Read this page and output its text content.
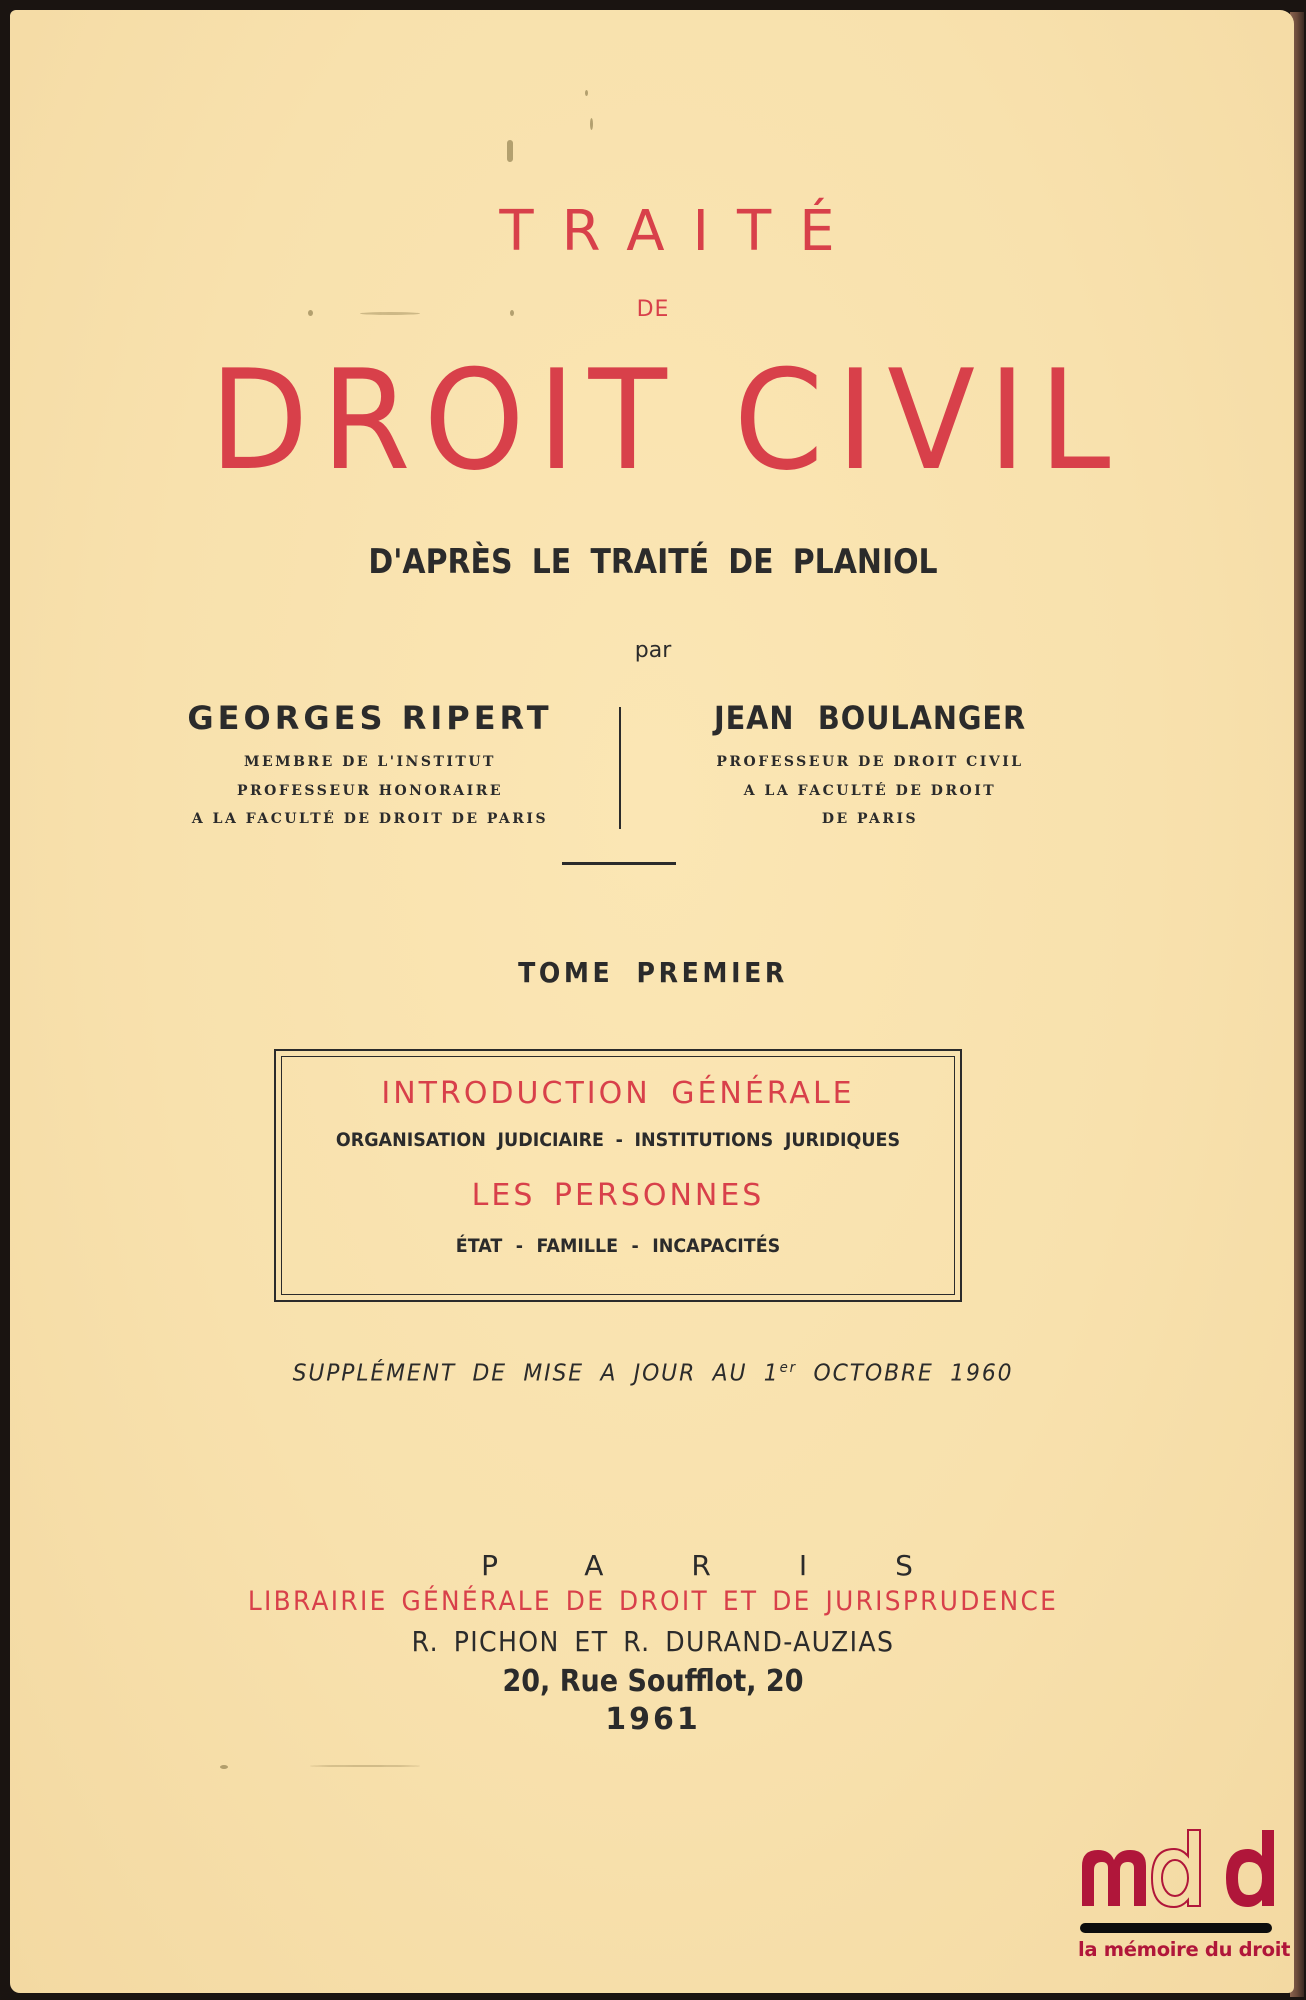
TRAITÉ
DE
DROIT CIVIL
D'APRÈS LE TRAITÉ DE PLANIOL
par
GEORGES RIPERT
MEMBRE DE L'INSTITUT
PROFESSEUR HONORAIRE
A LA FACULTÉ DE DROIT DE PARIS
JEAN BOULANGER
PROFESSEUR DE DROIT CIVIL
A LA FACULTÉ DE DROIT
DE PARIS
TOME PREMIER
INTRODUCTION GÉNÉRALE
ORGANISATION JUDICIAIRE - INSTITUTIONS JURIDIQUES
LES PERSONNES
ÉTAT - FAMILLE - INCAPACITÉS
SUPPLÉMENT DE MISE A JOUR AU 1er OCTOBRE 1960
PARIS
LIBRAIRIE GÉNÉRALE DE DROIT ET DE JURISPRUDENCE
R. PICHON ET R. DURAND-AUZIAS
20, Rue Soufflot, 20
1961
la mémoire du droit
